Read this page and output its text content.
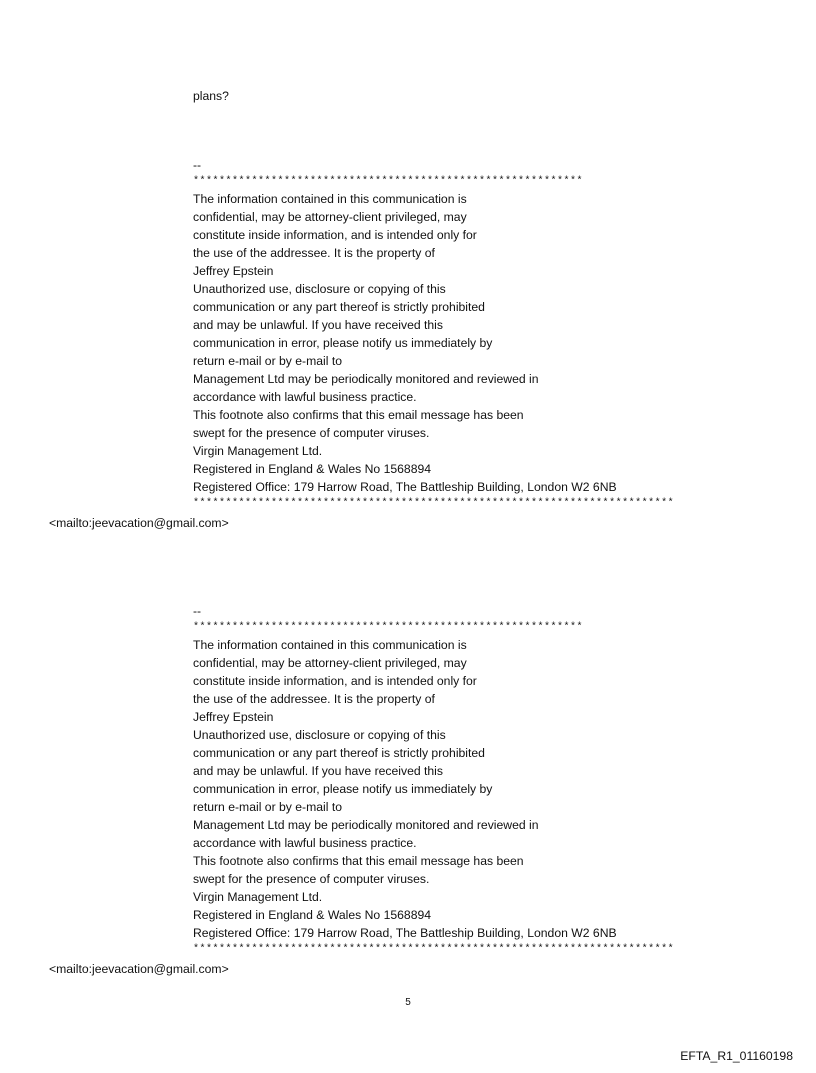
plans?
--
************************************************************
The information contained in this communication is
confidential, may be attorney-client privileged, may
constitute inside information, and is intended only for
the use of the addressee. It is the property of
Jeffrey Epstein
Unauthorized use, disclosure or copying of this
communication or any part thereof is strictly prohibited
and may be unlawful. If you have received this
communication in error, please notify us immediately by
return e-mail or by e-mail to
Management Ltd may be periodically monitored and reviewed in
accordance with lawful business practice.
This footnote also confirms that this email message has been
swept for the presence of computer viruses.
Virgin Management Ltd.
Registered in England & Wales No 1568894
Registered Office: 179 Harrow Road, The Battleship Building, London W2 6NB
**************************************************************************
<mailto:jeevacation@gmail.com>
--
************************************************************
The information contained in this communication is
confidential, may be attorney-client privileged, may
constitute inside information, and is intended only for
the use of the addressee. It is the property of
Jeffrey Epstein
Unauthorized use, disclosure or copying of this
communication or any part thereof is strictly prohibited
and may be unlawful. If you have received this
communication in error, please notify us immediately by
return e-mail or by e-mail to
Management Ltd may be periodically monitored and reviewed in
accordance with lawful business practice.
This footnote also confirms that this email message has been
swept for the presence of computer viruses.
Virgin Management Ltd.
Registered in England & Wales No 1568894
Registered Office: 179 Harrow Road, The Battleship Building, London W2 6NB
**************************************************************************
<mailto:jeevacation@gmail.com>
5
EFTA_R1_01160198
